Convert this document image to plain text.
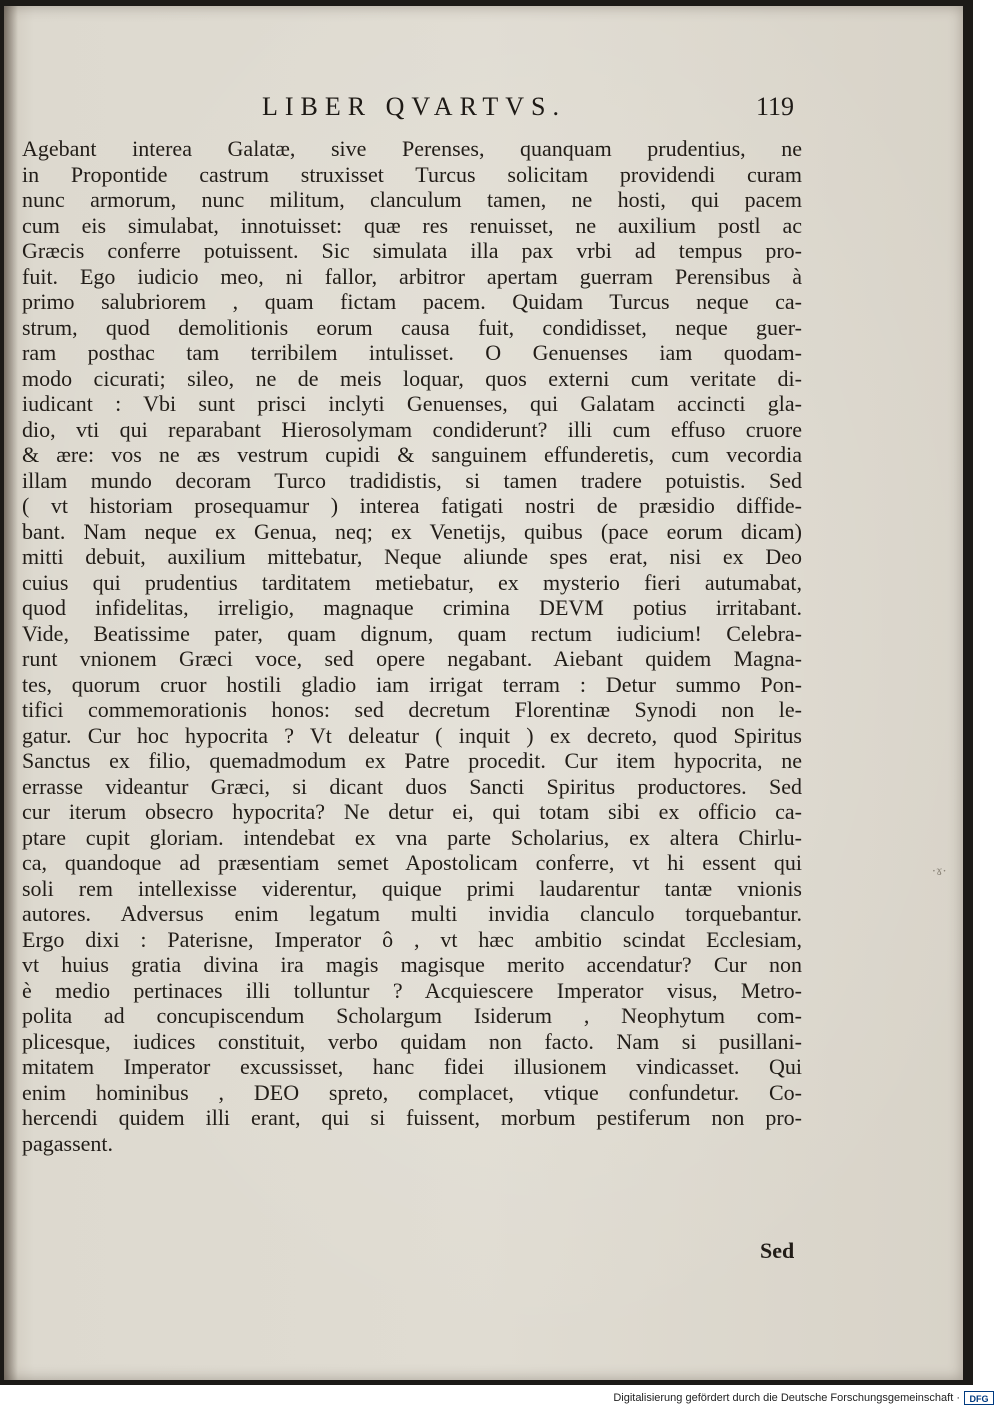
LIBER QVARTVS.	119
Agebant interea Galatæ, sive Perenses, quanquam prudentius, ne
in Propontide castrum struxisset Turcus solicitam providendi curam
nunc armorum, nunc militum, clanculum tamen, ne hosti, qui pacem
cum eis simulabat, innotuisset: quæ res renuisset, ne auxilium postl ac
Græcis conferre potuissent. Sic simulata illa pax vrbi ad tempus pro-
fuit. Ego iudicio meo, ni fallor, arbitror apertam guerram Perensibus à
primo salubriorem , quam fictam pacem. Quidam Turcus neque ca-
strum, quod demolitionis eorum causa fuit, condidisset, neque guer-
ram posthac tam terribilem intulisset. O Genuenses iam quodam-
modo cicurati; sileo, ne de meis loquar, quos externi cum veritate di-
iudicant : Vbi sunt prisci inclyti Genuenses, qui Galatam accincti gla-
dio, vti qui reparabant Hierosolymam condiderunt? illi cum effuso cruore
& ære: vos ne æs vestrum cupidi & sanguinem effunderetis, cum vecordia
illam mundo decoram Turco tradidistis, si tamen tradere potuistis. Sed
( vt historiam prosequamur ) interea fatigati nostri de præsidio diffide-
bant. Nam neque ex Genua, neq; ex Venetijs, quibus (pace eorum dicam)
mitti debuit, auxilium mittebatur, Neque aliunde spes erat, nisi ex Deo
cuius qui prudentius tarditatem metiebatur, ex mysterio fieri autumabat,
quod infidelitas, irreligio, magnaque crimina DEVM potius irritabant.
Vide, Beatissime pater, quam dignum, quam rectum iudicium! Celebra-
runt vnionem Græci voce, sed opere negabant. Aiebant quidem Magna-
tes, quorum cruor hostili gladio iam irrigat terram : Detur summo Pon-
tifici commemorationis honos: sed decretum Florentinæ Synodi non le-
gatur. Cur hoc hypocrita ? Vt deleatur ( inquit ) ex decreto, quod Spiritus
Sanctus ex filio, quemadmodum ex Patre procedit. Cur item hypocrita, ne
errasse videantur Græci, si dicant duos Sancti Spiritus productores. Sed
cur iterum obsecro hypocrita? Ne detur ei, qui totam sibi ex officio ca-
ptare cupit gloriam. intendebat ex vna parte Scholarius, ex altera Chirlu-
ca, quandoque ad præsentiam semet Apostolicam conferre, vt hi essent qui
soli rem intellexisse viderentur, quique primi laudarentur tantæ vnionis
autores. Adversus enim legatum multi invidia clanculo torquebantur.
Ergo dixi : Paterisne, Imperator ô , vt hæc ambitio scindat Ecclesiam,
vt huius gratia divina ira magis magisque merito accendatur? Cur non
è medio pertinaces illi tolluntur ? Acquiescere Imperator visus, Metro-
polita ad concupiscendum Scholargum Isiderum , Neophytum com-
plicesque, iudices constituit, verbo quidam non facto. Nam si pusillani-
mitatem Imperator excussisset, hanc fidei illusionem vindicasset. Qui
enim hominibus , DEO spreto, complacet, vtique confundetur. Co-
hercendi quidem illi erant, qui si fuissent, morbum pestiferum non pro-
pagassent.
Sed
·ɤ·
Digitalisierung gefördert durch die Deutsche Forschungsgemeinschaft ·	DFG
